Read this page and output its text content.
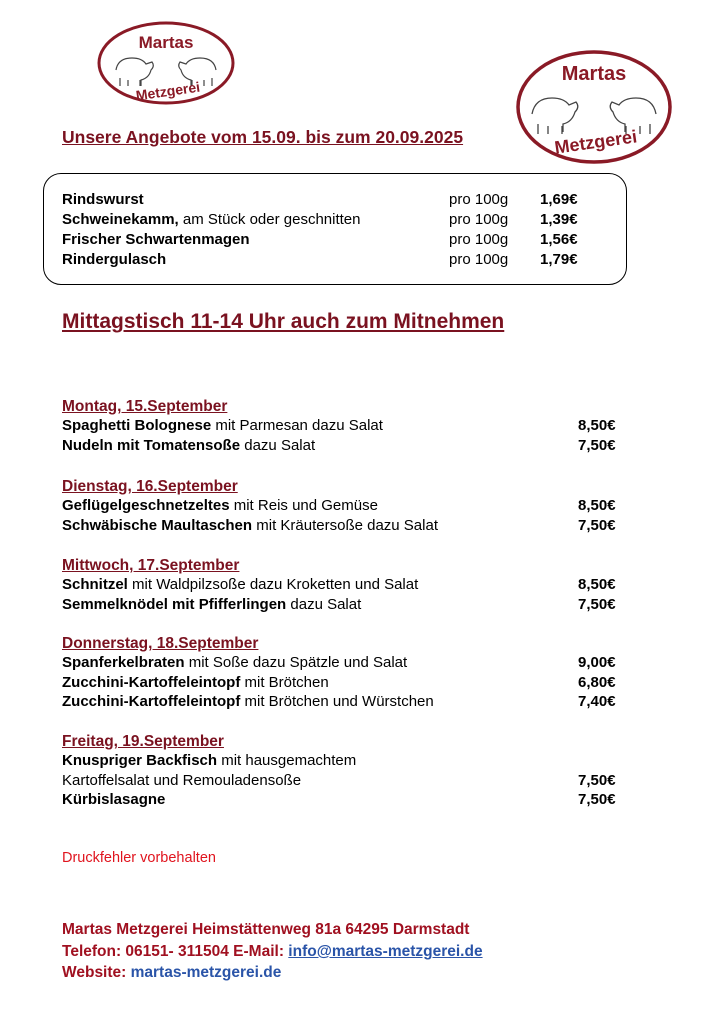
Martas
Metzgerei
Martas
Metzgerei
Unsere Angebote vom 15.09. bis zum 20.09.2025
Rindswurst	pro 100g 1,69€
Schweinekamm, am Stück oder geschnitten	pro 100g 1,39€
Frischer Schwartenmagen	pro 100g 1,56€
Rindergulasch	pro 100g 1,79€
Mittagstisch 11-14 Uhr auch zum Mitnehmen
Montag, 15.September
Spaghetti Bolognese mit Parmesan dazu Salat	8,50€
Nudeln mit Tomatensoße dazu Salat	7,50€
Dienstag, 16.September
Geflügelgeschnetzeltes mit Reis und Gemüse	8,50€
Schwäbische Maultaschen mit Kräutersoße dazu Salat	7,50€
Mittwoch, 17.September
Schnitzel mit Waldpilzsoße dazu Kroketten und Salat	8,50€
Semmelknödel mit Pfifferlingen dazu Salat	7,50€
Donnerstag, 18.September
Spanferkelbraten mit Soße dazu Spätzle und Salat	9,00€
Zucchini-Kartoffeleintopf mit Brötchen	6,80€
Zucchini-Kartoffeleintopf mit Brötchen und Würstchen	7,40€
Freitag, 19.September
Knuspriger Backfisch mit hausgemachtem
Kartoffelsalat und Remouladensoße	7,50€
Kürbislasagne	7,50€
Druckfehler vorbehalten
Martas Metzgerei Heimstättenweg 81a 64295 Darmstadt
Telefon: 06151- 311504 E-Mail: info@martas-metzgerei.de
Website: martas-metzgerei.de
